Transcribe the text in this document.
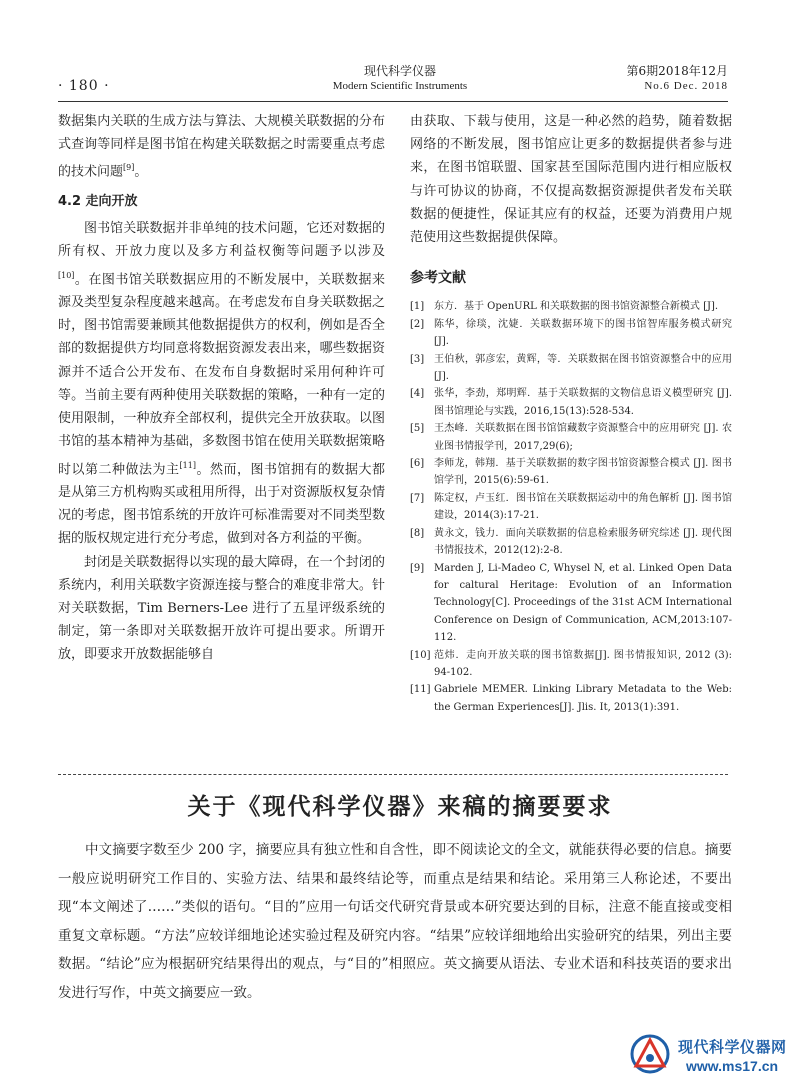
· 180 ·
现代科学仪器
Modern Scientific Instruments
第6期2018年12月
No.6 Dec. 2018

数据集内关联的生成方法与算法、大规模关联数据的分布式查询等同样是图书馆在构建关联数据之时需要重点考虑的技术问题[9]。

4.2 走向开放

图书馆关联数据并非单纯的技术问题，它还对数据的所有权、开放力度以及多方利益权衡等问题予以涉及[10]。在图书馆关联数据应用的不断发展中，关联数据来源及类型复杂程度越来越高。在考虑发布自身关联数据之时，图书馆需要兼顾其他数据提供方的权利，例如是否全部的数据提供方均同意将数据资源发表出来，哪些数据资源并不适合公开发布、在发布自身数据时采用何种许可等。当前主要有两种使用关联数据的策略，一种有一定的使用限制，一种放弃全部权利，提供完全开放获取。以图书馆的基本精神为基础，多数图书馆在使用关联数据策略时以第二种做法为主[11]。然而，图书馆拥有的数据大都是从第三方机构购买或租用所得，出于对资源版权复杂情况的考虑，图书馆系统的开放许可标准需要对不同类型数据的版权规定进行充分考虑，做到对各方利益的平衡。

封闭是关联数据得以实现的最大障碍，在一个封闭的系统内，利用关联数字资源连接与整合的难度非常大。针对关联数据，Tim Berners-Lee 进行了五星评级系统的制定，第一条即对关联数据开放许可提出要求。所谓开放，即要求开放数据能够自

由获取、下载与使用，这是一种必然的趋势，随着数据网络的不断发展，图书馆应让更多的数据提供者参与进来，在图书馆联盟、国家甚至国际范围内进行相应版权与许可协议的协商，不仅提高数据资源提供者发布关联数据的便捷性，保证其应有的权益，还要为消费用户规范使用这些数据提供保障。

参考文献
[1] 东方．基于 OpenURL 和关联数据的图书馆资源整合新模式 [J].
[2] 陈华，徐琰，沈婕．关联数据环境下的图书馆智库服务模式研究 [J].
[3] 王伯秋，郭彦宏，黄辉，等．关联数据在图书馆资源整合中的应用 [J].
[4] 张华，李劲，郑明辉．基于关联数据的文物信息语义模型研究 [J]. 图书馆理论与实践，2016,15(13):528-534.
[5] 王杰峰．关联数据在图书馆馆藏数字资源整合中的应用研究 [J]. 农业图书情报学刊，2017,29(6);
[6] 李师龙，韩翔．基于关联数据的数字图书馆资源整合模式 [J]. 图书馆学刊，2015(6):59-61.
[7] 陈定权，卢玉红．图书馆在关联数据运动中的角色解析 [J]. 图书馆建设，2014(3):17-21.
[8] 黄永文，钱力．面向关联数据的信息检索服务研究综述 [J]. 现代图书情报技术，2012(12):2-8.
[9] Marden J, Li-Madeo C, Whysel N, et al. Linked Open Data for caltural Heritage: Evolution of an Information Technology[C]. Proceedings of the 31st ACM International Conference on Design of Communication, ACM,2013:107-112.
[10] 范炜．走向开放关联的图书馆数据[J]. 图书情报知识, 2012 (3): 94-102.
[11] Gabriele MEMER. Linking Library Metadata to the Web: the German Experiences[J]. Jlis. It, 2013(1):391.
关于《现代科学仪器》来稿的摘要要求

中文摘要字数至少 200 字，摘要应具有独立性和自含性，即不阅读论文的全文，就能获得必要的信息。摘要一般应说明研究工作目的、实验方法、结果和最终结论等，而重点是结果和结论。采用第三人称论述，不要出现“本文阐述了……”类似的语句。“目的”应用一句话交代研究背景或本研究要达到的目标，注意不能直接或变相重复文章标题。“方法”应较详细地论述实验过程及研究内容。“结果”应较详细地给出实验研究的结果，列出主要数据。“结论”应为根据研究结果得出的观点，与“目的”相照应。英文摘要从语法、专业术语和科技英语的要求出发进行写作，中英文摘要应一致。

现代科学仪器网
www.ms17.cn
